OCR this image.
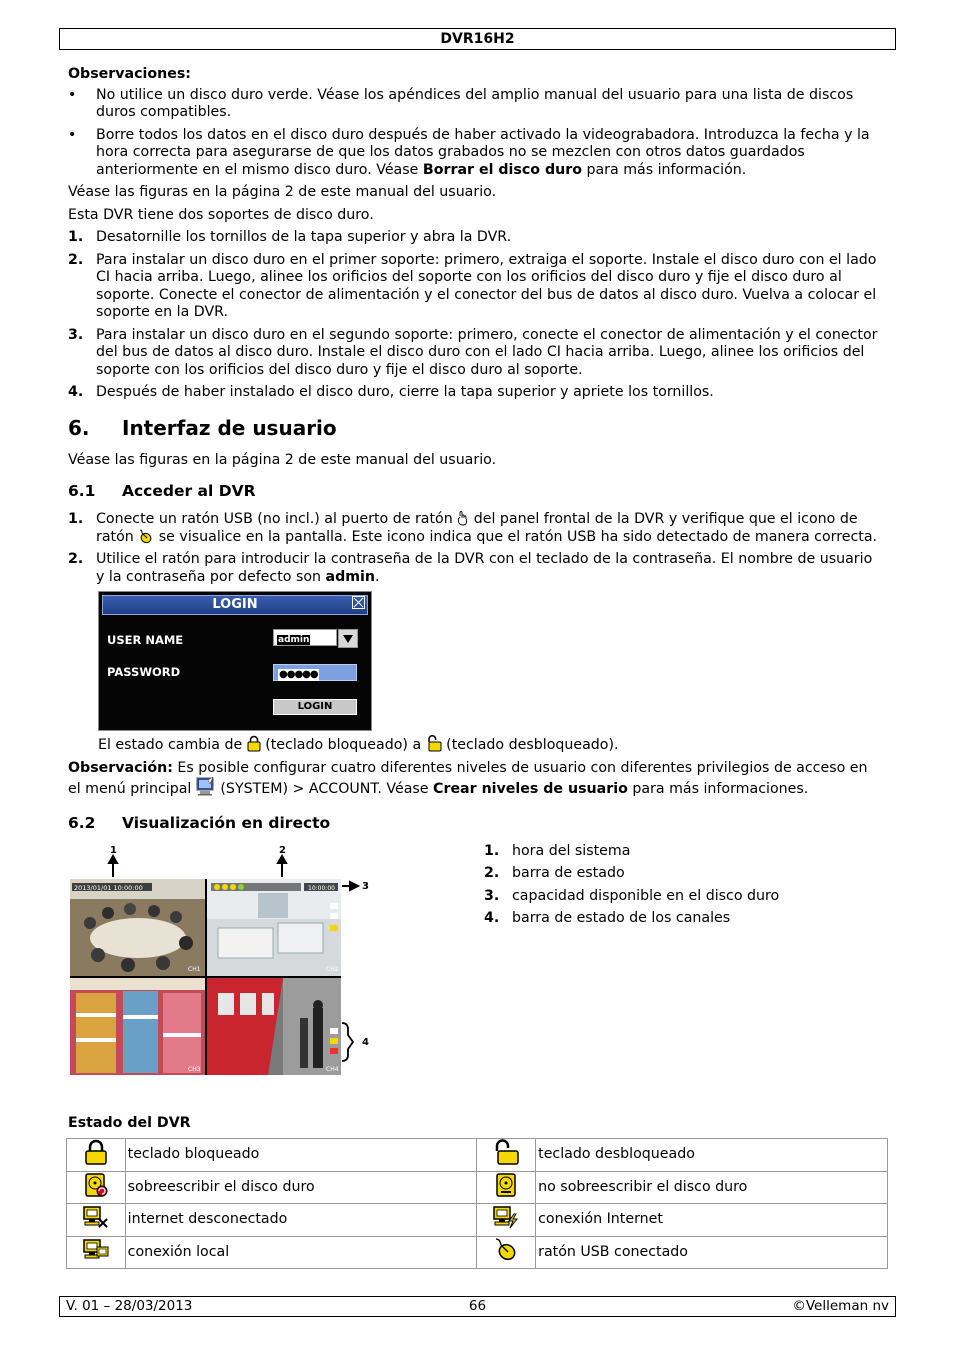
DVR16H2
Observaciones:
• No utilice un disco duro verde. Véase los apéndices del amplio manual del usuario para una lista de discos duros compatibles.
• Borre todos los datos en el disco duro después de haber activado la videograbadora. Introduzca la fecha y la hora correcta para asegurarse de que los datos grabados no se mezclen con otros datos guardados anteriormente en el mismo disco duro. Véase Borrar el disco duro para más información.

Véase las figuras en la página 2 de este manual del usuario.

Esta DVR tiene dos soportes de disco duro.

1. Desatornille los tornillos de la tapa superior y abra la DVR.
2. Para instalar un disco duro en el primer soporte: primero, extraiga el soporte. Instale el disco duro con el lado CI hacia arriba. Luego, alinee los orificios del soporte con los orificios del disco duro y fije el disco duro al soporte. Conecte el conector de alimentación y el conector del bus de datos al disco duro. Vuelva a colocar el soporte en la DVR.
3. Para instalar un disco duro en el segundo soporte: primero, conecte el conector de alimentación y el conector del bus de datos al disco duro. Instale el disco duro con el lado CI hacia arriba. Luego, alinee los orificios del soporte con los orificios del disco duro y fije el disco duro al soporte.
4. Después de haber instalado el disco duro, cierre la tapa superior y apriete los tornillos.
6. Interfaz de usuario

Véase las figuras en la página 2 de este manual del usuario.

6.1 Acceder al DVR
1. Conecte un ratón USB (no incl.) al puerto de ratón  del panel frontal de la DVR y verifique que el icono de ratón  se visualice en la pantalla. Este icono indica que el ratón USB ha sido detectado de manera correcta.
2. Utilice el ratón para introducir la contraseña de la DVR con el teclado de la contraseña. El nombre de usuario y la contraseña por defecto son admin.
LOGIN
USER NAME	admin
PASSWORD	●●●●●
LOGIN

El estado cambia de  (teclado bloqueado) a  (teclado desbloqueado).

Observación: Es posible configurar cuatro diferentes niveles de usuario con diferentes privilegios de acceso en el menú principal  (SYSTEM) > ACCOUNT. Véase Crear niveles de usuario para más informaciones.

6.2 Visualización en directo
2013/01/01 10:00:00	10:00:00
CH1	CH2
CH3	CH4
1	2
3
4
1. hora del sistema
2. barra de estado
3. capacidad disponible en el disco duro
4. barra de estado de los canales
Estado del DVR
	teclado bloqueado		teclado desbloqueado
	sobreescribir el disco duro		no sobreescribir el disco duro
	internet desconectado		conexión Internet
	conexión local		ratón USB conectado
V. 01 – 28/03/2013	66	©Velleman nv
